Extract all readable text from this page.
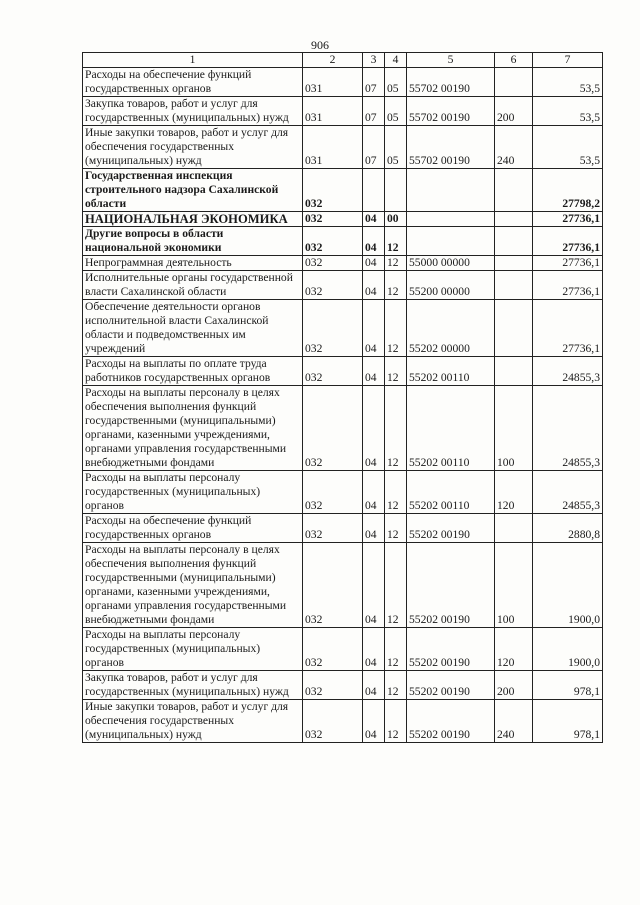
906
1	2	3	4	5	6	7
Расходы на обеспечение функций государственных органов	031	07	05	55702 00190		53,5
Закупка товаров, работ и услуг для государственных (муниципальных) нужд	031	07	05	55702 00190	200	53,5
Иные закупки товаров, работ и услуг для обеспечения государственных (муниципальных) нужд	031	07	05	55702 00190	240	53,5
Государственная инспекция строительного надзора Сахалинской области	032					27798,2
НАЦИОНАЛЬНАЯ ЭКОНОМИКА	032	04	00			27736,1
Другие вопросы в области национальной экономики	032	04	12			27736,1
Непрограммная деятельность	032	04	12	55000 00000		27736,1
Исполнительные органы государственной власти Сахалинской области	032	04	12	55200 00000		27736,1
Обеспечение деятельности органов исполнительной власти Сахалинской области и подведомственных им учреждений	032	04	12	55202 00000		27736,1
Расходы на выплаты по оплате труда работников государственных органов	032	04	12	55202 00110		24855,3
Расходы на выплаты персоналу в целях обеспечения выполнения функций государственными (муниципальными) органами, казенными учреждениями, органами управления государственными внебюджетными фондами	032	04	12	55202 00110	100	24855,3
Расходы на выплаты персоналу государственных (муниципальных) органов	032	04	12	55202 00110	120	24855,3
Расходы на обеспечение функций государственных органов	032	04	12	55202 00190		2880,8
Расходы на выплаты персоналу в целях обеспечения выполнения функций государственными (муниципальными) органами, казенными учреждениями, органами управления государственными внебюджетными фондами	032	04	12	55202 00190	100	1900,0
Расходы на выплаты персоналу государственных (муниципальных) органов	032	04	12	55202 00190	120	1900,0
Закупка товаров, работ и услуг для государственных (муниципальных) нужд	032	04	12	55202 00190	200	978,1
Иные закупки товаров, работ и услуг для обеспечения государственных (муниципальных) нужд	032	04	12	55202 00190	240	978,1
